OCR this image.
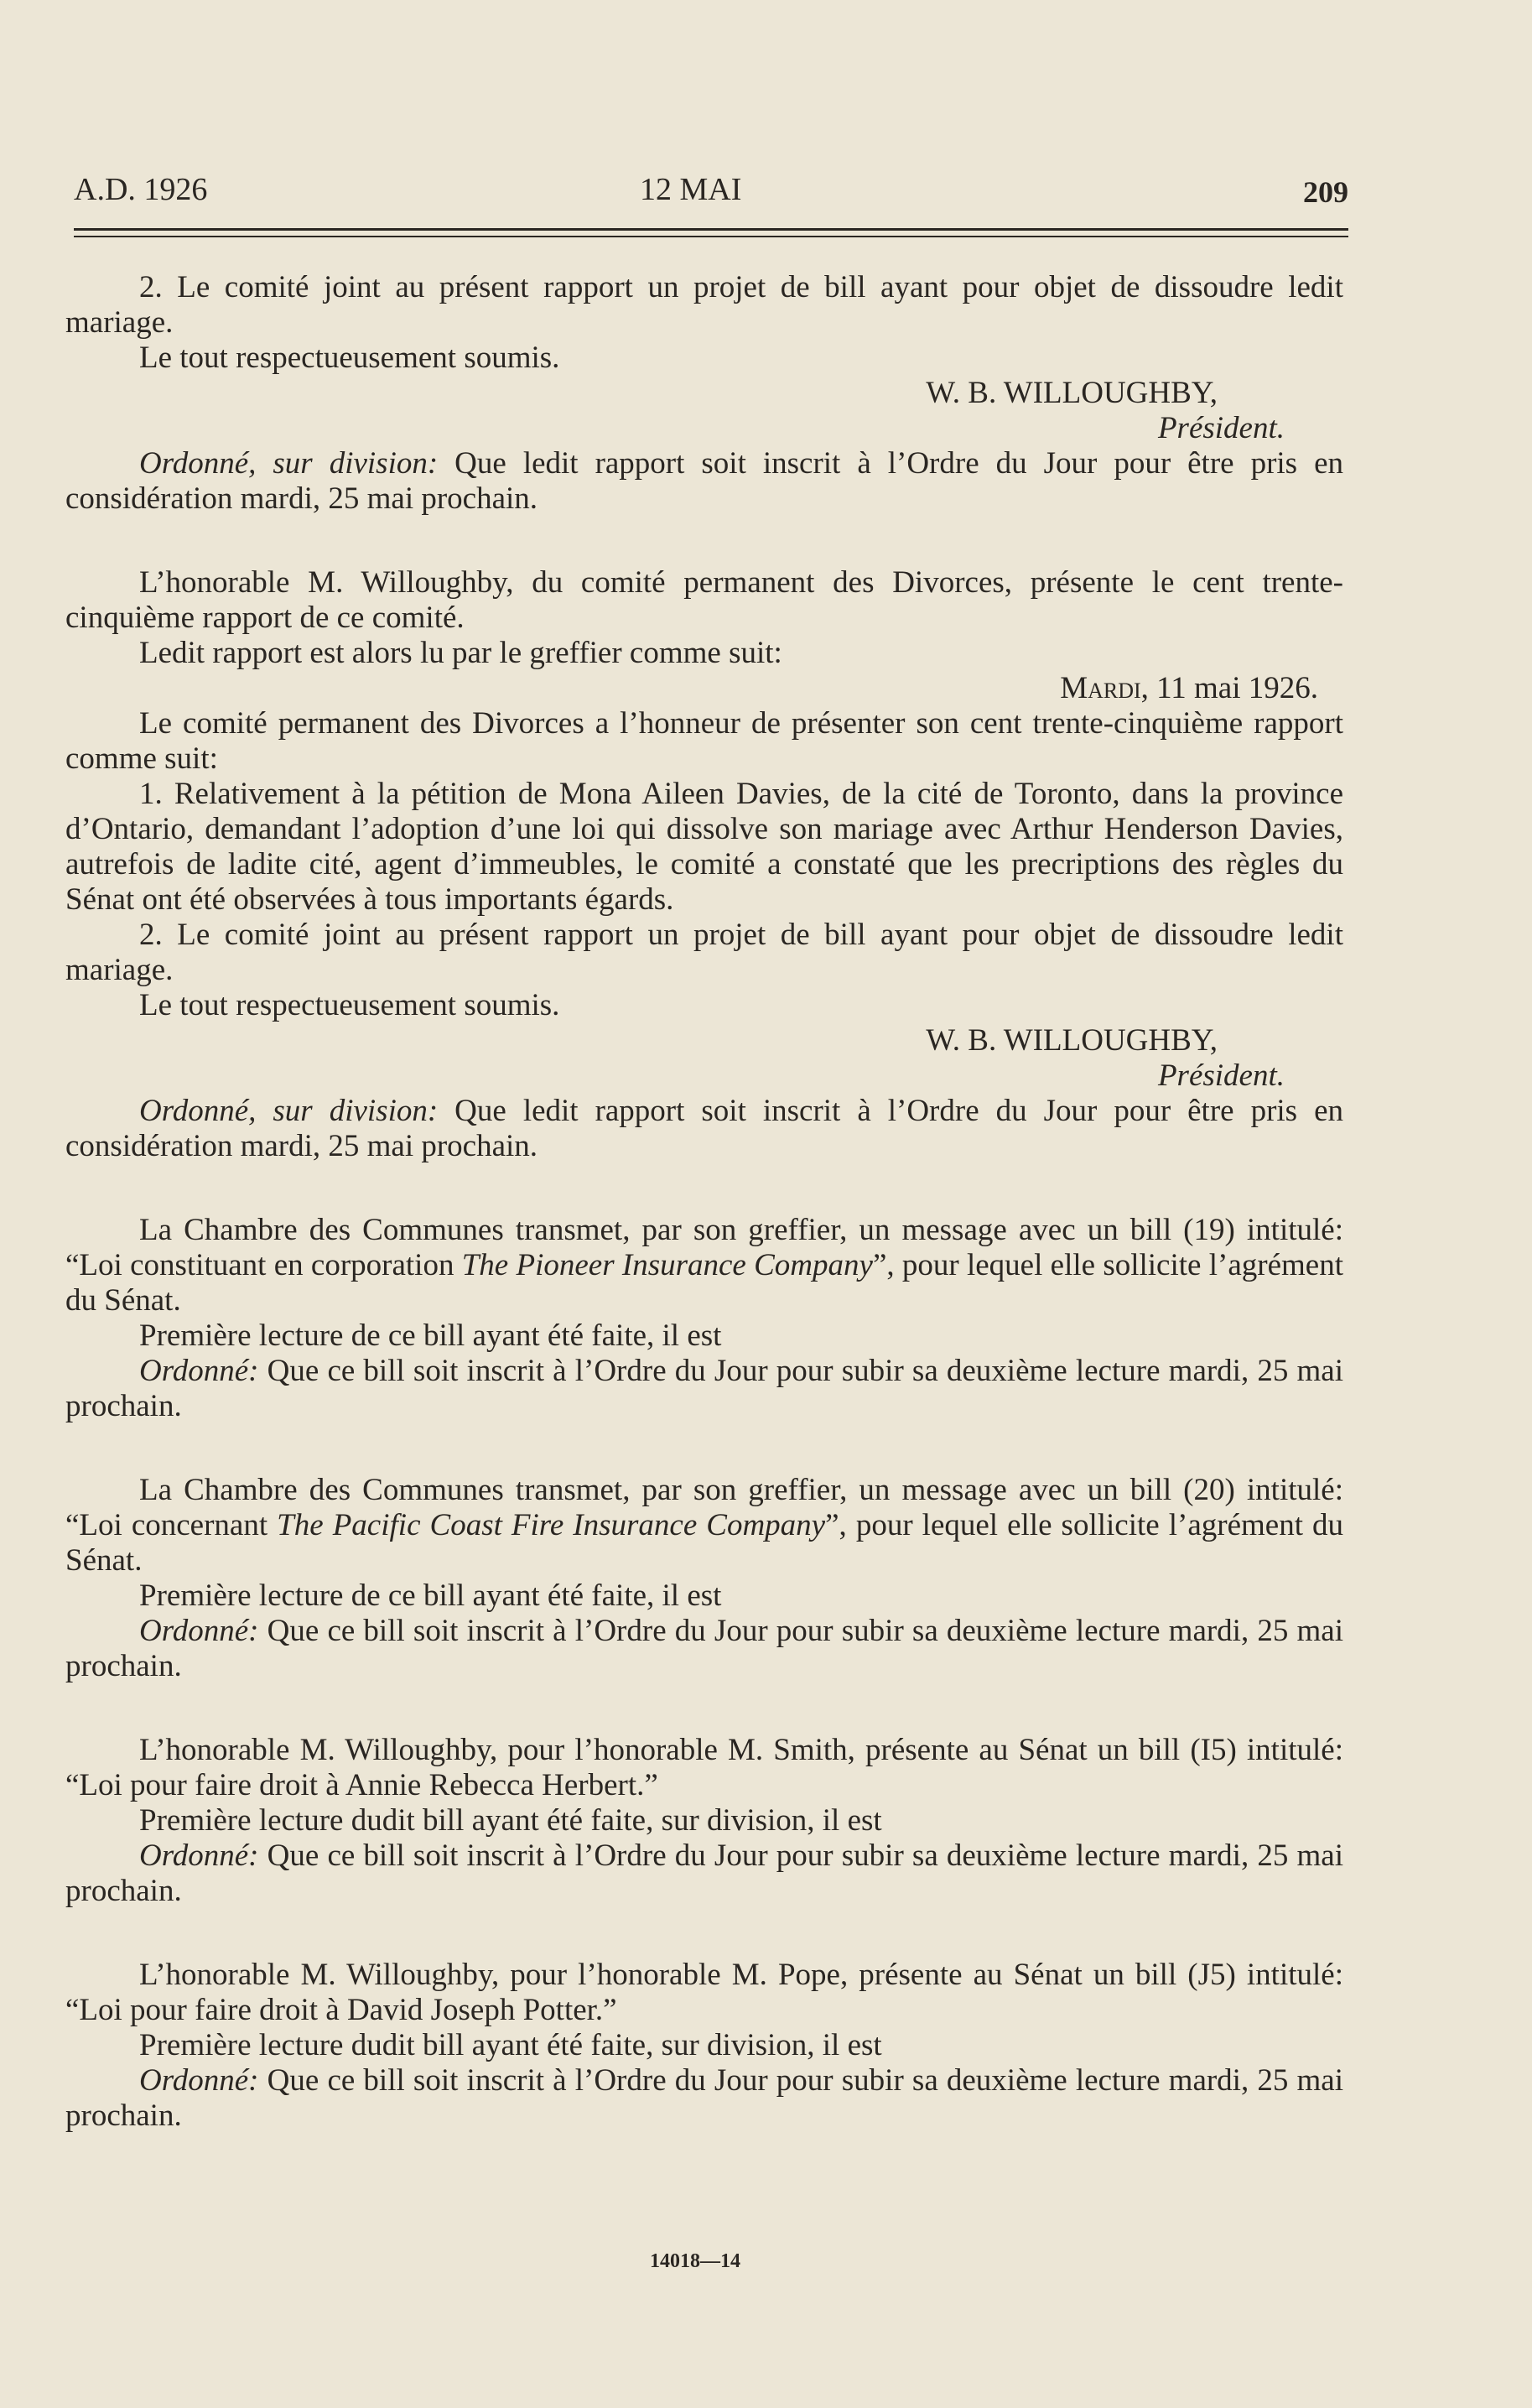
A.D. 1926	12 MAI	209

2. Le comité joint au présent rapport un projet de bill ayant pour objet de dissoudre ledit mariage.

Le tout respectueusement soumis.

W. B. WILLOUGHBY,

Président.

Ordonné, sur division: Que ledit rapport soit inscrit à l’Ordre du Jour pour être pris en considération mardi, 25 mai prochain.

L’honorable M. Willoughby, du comité permanent des Divorces, présente le cent trente-cinquième rapport de ce comité.

Ledit rapport est alors lu par le greffier comme suit:

Mardi, 11 mai 1926.

Le comité permanent des Divorces a l’honneur de présenter son cent trente-cinquième rapport comme suit:

1. Relativement à la pétition de Mona Aileen Davies, de la cité de Toronto, dans la province d’Ontario, demandant l’adoption d’une loi qui dissolve son mariage avec Arthur Henderson Davies, autrefois de ladite cité, agent d’immeubles, le comité a constaté que les precriptions des règles du Sénat ont été observées à tous importants égards.

2. Le comité joint au présent rapport un projet de bill ayant pour objet de dissoudre ledit mariage.

Le tout respectueusement soumis.

W. B. WILLOUGHBY,

Président.

Ordonné, sur division: Que ledit rapport soit inscrit à l’Ordre du Jour pour être pris en considération mardi, 25 mai prochain.

La Chambre des Communes transmet, par son greffier, un message avec un bill (19) intitulé: “Loi constituant en corporation The Pioneer Insurance Company”, pour lequel elle sollicite l’agrément du Sénat.

Première lecture de ce bill ayant été faite, il est

Ordonné: Que ce bill soit inscrit à l’Ordre du Jour pour subir sa deuxième lecture mardi, 25 mai prochain.

La Chambre des Communes transmet, par son greffier, un message avec un bill (20) intitulé: “Loi concernant The Pacific Coast Fire Insurance Company”, pour lequel elle sollicite l’agrément du Sénat.

Première lecture de ce bill ayant été faite, il est

Ordonné: Que ce bill soit inscrit à l’Ordre du Jour pour subir sa deuxième lecture mardi, 25 mai prochain.

L’honorable M. Willoughby, pour l’honorable M. Smith, présente au Sénat un bill (I5) intitulé: “Loi pour faire droit à Annie Rebecca Herbert.”

Première lecture dudit bill ayant été faite, sur division, il est

Ordonné: Que ce bill soit inscrit à l’Ordre du Jour pour subir sa deuxième lecture mardi, 25 mai prochain.

L’honorable M. Willoughby, pour l’honorable M. Pope, présente au Sénat un bill (J5) intitulé: “Loi pour faire droit à David Joseph Potter.”

Première lecture dudit bill ayant été faite, sur division, il est

Ordonné: Que ce bill soit inscrit à l’Ordre du Jour pour subir sa deuxième lecture mardi, 25 mai prochain.

14018—14
